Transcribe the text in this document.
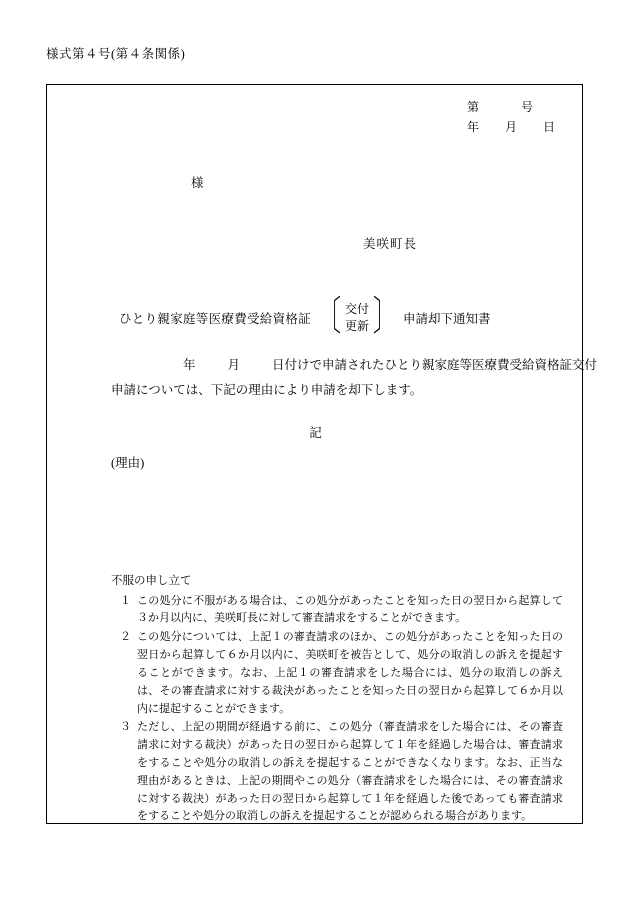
様式第４号(第４条関係)
第	号
年 月 日
様
美咲町長
ひとり親家庭等医療費受給資格証 〔 交付
更新 〕 申請却下通知書
年	月	日付けで申請されたひとり親家庭等医療費受給資格証交付
申請については、下記の理由により申請を却下します。
記
(理由)
不服の申し立て
１ この処分に不服がある場合は、この処分があったことを知った日の翌日から起算して３か月以内に、美咲町長に対して審査請求をすることができます。
２ この処分については、上記１の審査請求のほか、この処分があったことを知った日の翌日から起算して６か月以内に、美咲町を被告として、処分の取消しの訴えを提起することができます。なお、上記１の審査請求をした場合には、処分の取消しの訴えは、その審査請求に対する裁決があったことを知った日の翌日から起算して６か月以内に提起することができます。
３ ただし、上記の期間が経過する前に、この処分（審査請求をした場合には、その審査請求に対する裁決）があった日の翌日から起算して１年を経過した場合は、審査請求をすることや処分の取消しの訴えを提起することができなくなります。なお、正当な理由があるときは、上記の期間やこの処分（審査請求をした場合には、その審査請求に対する裁決）があった日の翌日から起算して１年を経過した後であっても審査請求をすることや処分の取消しの訴えを提起することが認められる場合があります。
